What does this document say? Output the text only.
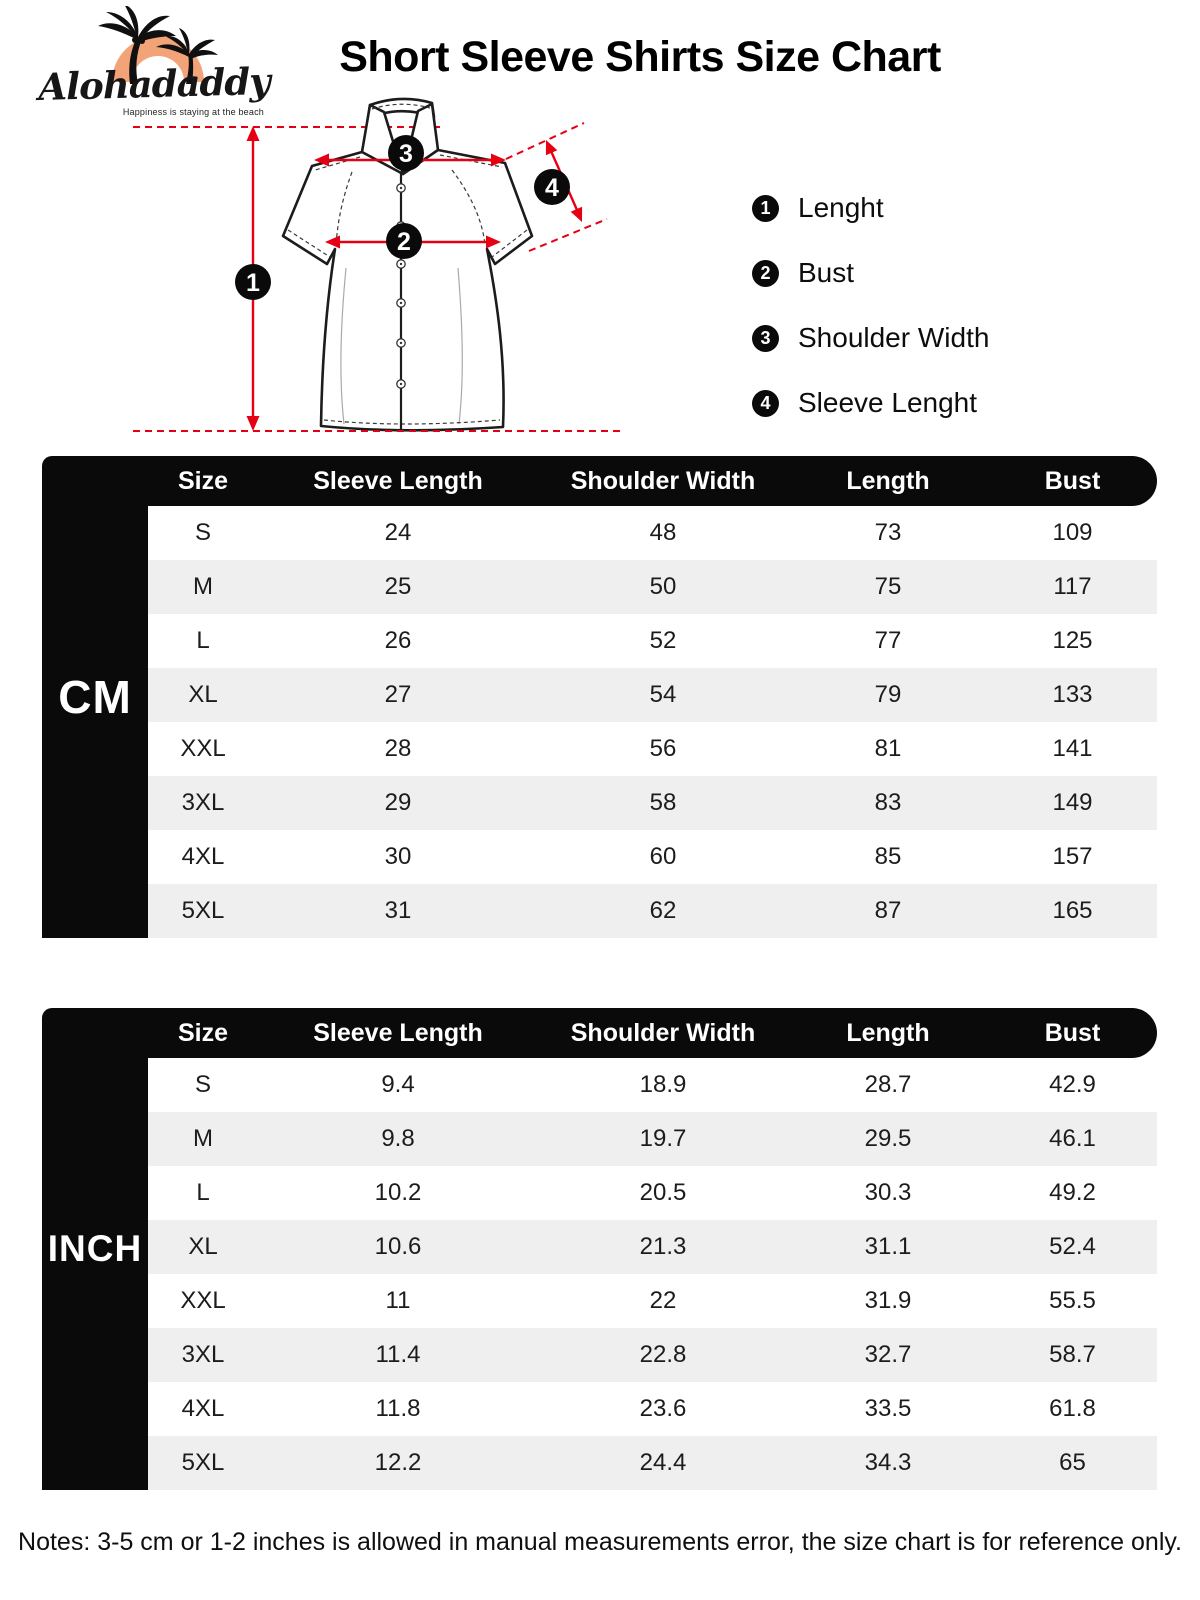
Alohadaddy
Happiness is staying at the beach
Short Sleeve Shirts Size Chart
1
2
3
4
1 Lenght
2 Bust
3 Shoulder Width
4 Sleeve Lenght
CM
Size	Sleeve Length	Shoulder Width	Length	Bust
S	24	48	73	109
M	25	50	75	117
L	26	52	77	125
XL	27	54	79	133
XXL	28	56	81	141
3XL	29	58	83	149
4XL	30	60	85	157
5XL	31	62	87	165
INCH
Size	Sleeve Length	Shoulder Width	Length	Bust
S	9.4	18.9	28.7	42.9
M	9.8	19.7	29.5	46.1
L	10.2	20.5	30.3	49.2
XL	10.6	21.3	31.1	52.4
XXL	11	22	31.9	55.5
3XL	11.4	22.8	32.7	58.7
4XL	11.8	23.6	33.5	61.8
5XL	12.2	24.4	34.3	65
Notes: 3-5 cm or 1-2 inches is allowed in manual measurements error, the size chart is for reference only.
